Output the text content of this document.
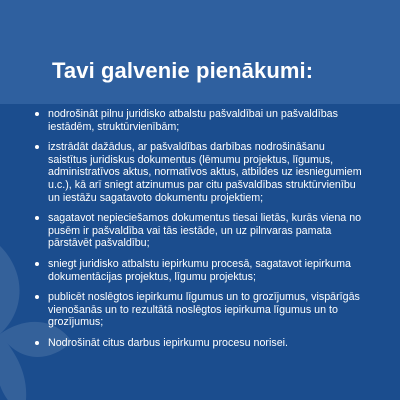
Tavi galvenie pienākumi:
nodrošināt pilnu juridisko atbalstu pašvaldībai un pašvaldības iestādēm, struktūrvienībām;
izstrādāt dažādus, ar pašvaldības darbības nodrošināšanu saistītus juridiskus dokumentus (lēmumu projektus, līgumus, administratīvos aktus, normatīvos aktus, atbildes uz iesniegumiem u.c.), kā arī sniegt atzinumus par citu pašvaldības struktūrvienību un iestāžu sagatavoto dokumentu projektiem;
sagatavot nepieciešamos dokumentus tiesai lietās, kurās viena no pusēm ir pašvaldība vai tās iestāde, un uz pilnvaras pamata pārstāvēt pašvaldību;
sniegt juridisko atbalstu iepirkumu procesā, sagatavot iepirkuma dokumentācijas projektus, līgumu projektus;
publicēt noslēgtos iepirkumu līgumus un to grozījumus, vispārīgās vienošanās un to rezultātā noslēgtos iepirkuma līgumus un to grozījumus;
Nodrošināt citus darbus iepirkumu procesu norisei.
